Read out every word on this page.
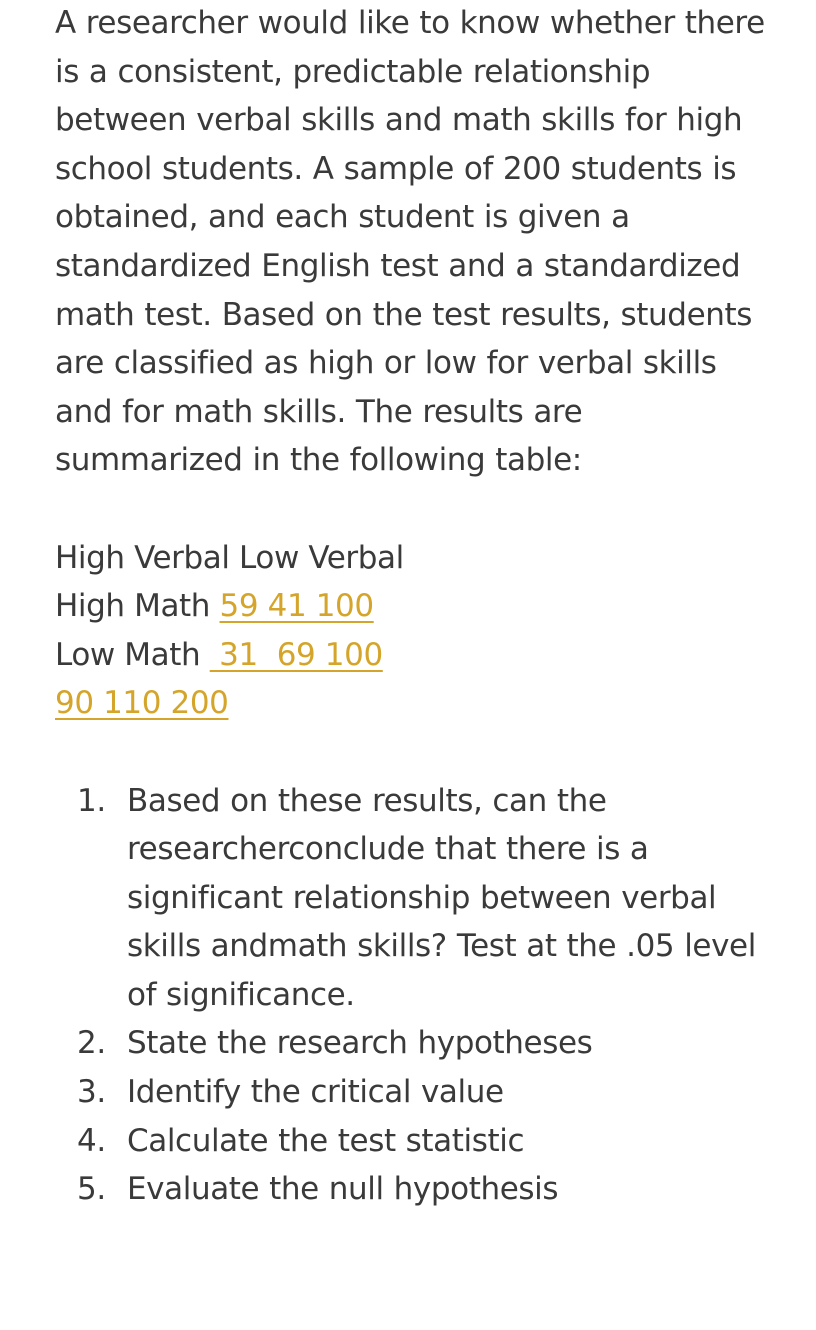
A researcher would like to know whether there is a consistent, predictable relationship between verbal skills and math skills for high school students. A sample of 200 students is obtained, and each student is given a standardized English test and a standardized math test. Based on the test results, students are classified as high or low for verbal skills and for math skills. The results are summarized in the following table:

High Verbal Low Verbal

High Math 59 41 100

Low Math  31  69 100

90 110 200

1. Based on these results, can the researcherconclude that there is a significant relationship between verbal skills andmath skills? Test at the .05 level of significance.
2. State the research hypotheses
3. Identify the critical value
4. Calculate the test statistic
5. Evaluate the null hypothesis
